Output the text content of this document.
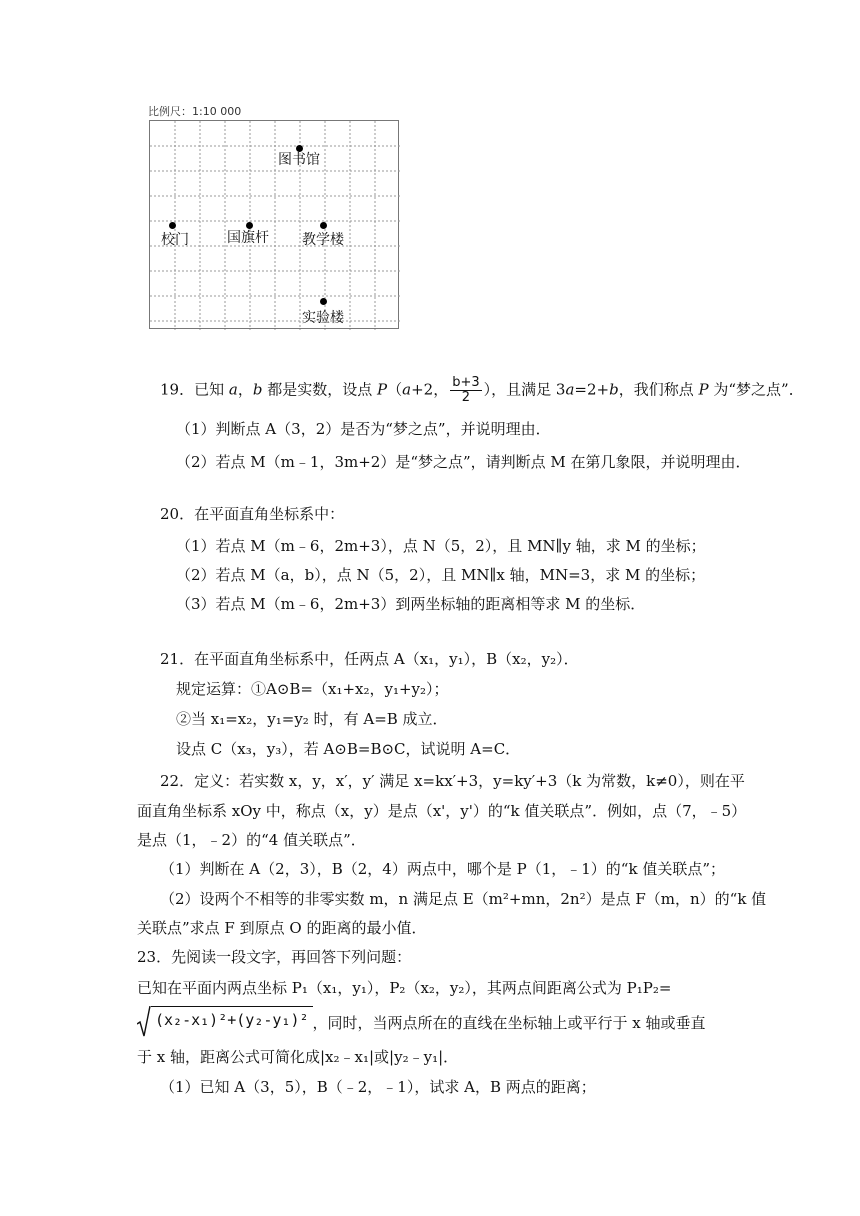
比例尺：1:10 000
图书馆
校门	国旗杆 教学楼
实验楼
19．已知 a，b 都是实数，设点 P（a+2， $\frac{b+3}{2}$ ），且满足 3a=2+b，我们称点 P 为“梦之点”．
（1）判断点 A（3，2）是否为“梦之点”，并说明理由．
（2）若点 M（m﹣1，3m+2）是“梦之点”，请判断点 M 在第几象限，并说明理由．
20．在平面直角坐标系中：
（1）若点 M（m﹣6，2m+3），点 N（5，2），且 MN∥y 轴，求 M 的坐标；
（2）若点 M（a，b），点 N（5，2），且 MN∥x 轴，MN=3，求 M 的坐标；
（3）若点 M（m﹣6，2m+3）到两坐标轴的距离相等求 M 的坐标．
21．在平面直角坐标系中，任两点 A（x₁，y₁），B（x₂，y₂）．
规定运算：①A⊙B=（x₁+x₂，y₁+y₂）；
②当 x₁=x₂，y₁=y₂ 时，有 A=B 成立．
设点 C（x₃，y₃），若 A⊙B=B⊙C，试说明 A=C．
22．定义：若实数 x，y，x′，y′ 满足 x=kx′+3，y=ky′+3（k 为常数，k≠0），则在平
面直角坐标系 xOy 中，称点（x，y）是点（x'，y'）的“k 值关联点”．例如，点（7，﹣5）
是点（1，﹣2）的“4 值关联点”．
（1）判断在 A（2，3），B（2，4）两点中，哪个是 P（1，﹣1）的“k 值关联点”；
（2）设两个不相等的非零实数 m，n 满足点 E（m²+mn，2n²）是点 F（m，n）的“k 值
关联点”求点 F 到原点 O 的距离的最小值．
23．先阅读一段文字，再回答下列问题：
已知在平面内两点坐标 P₁（x₁，y₁），P₂（x₂，y₂），其两点间距离公式为 P₁P₂=
(x₂-x₁)²+(y₂-y₁)² ，同时，当两点所在的直线在坐标轴上或平行于 x 轴或垂直
于 x 轴，距离公式可简化成|x₂﹣x₁|或|y₂﹣y₁|．
（1）已知 A（3，5），B（﹣2，﹣1），试求 A，B 两点的距离；
